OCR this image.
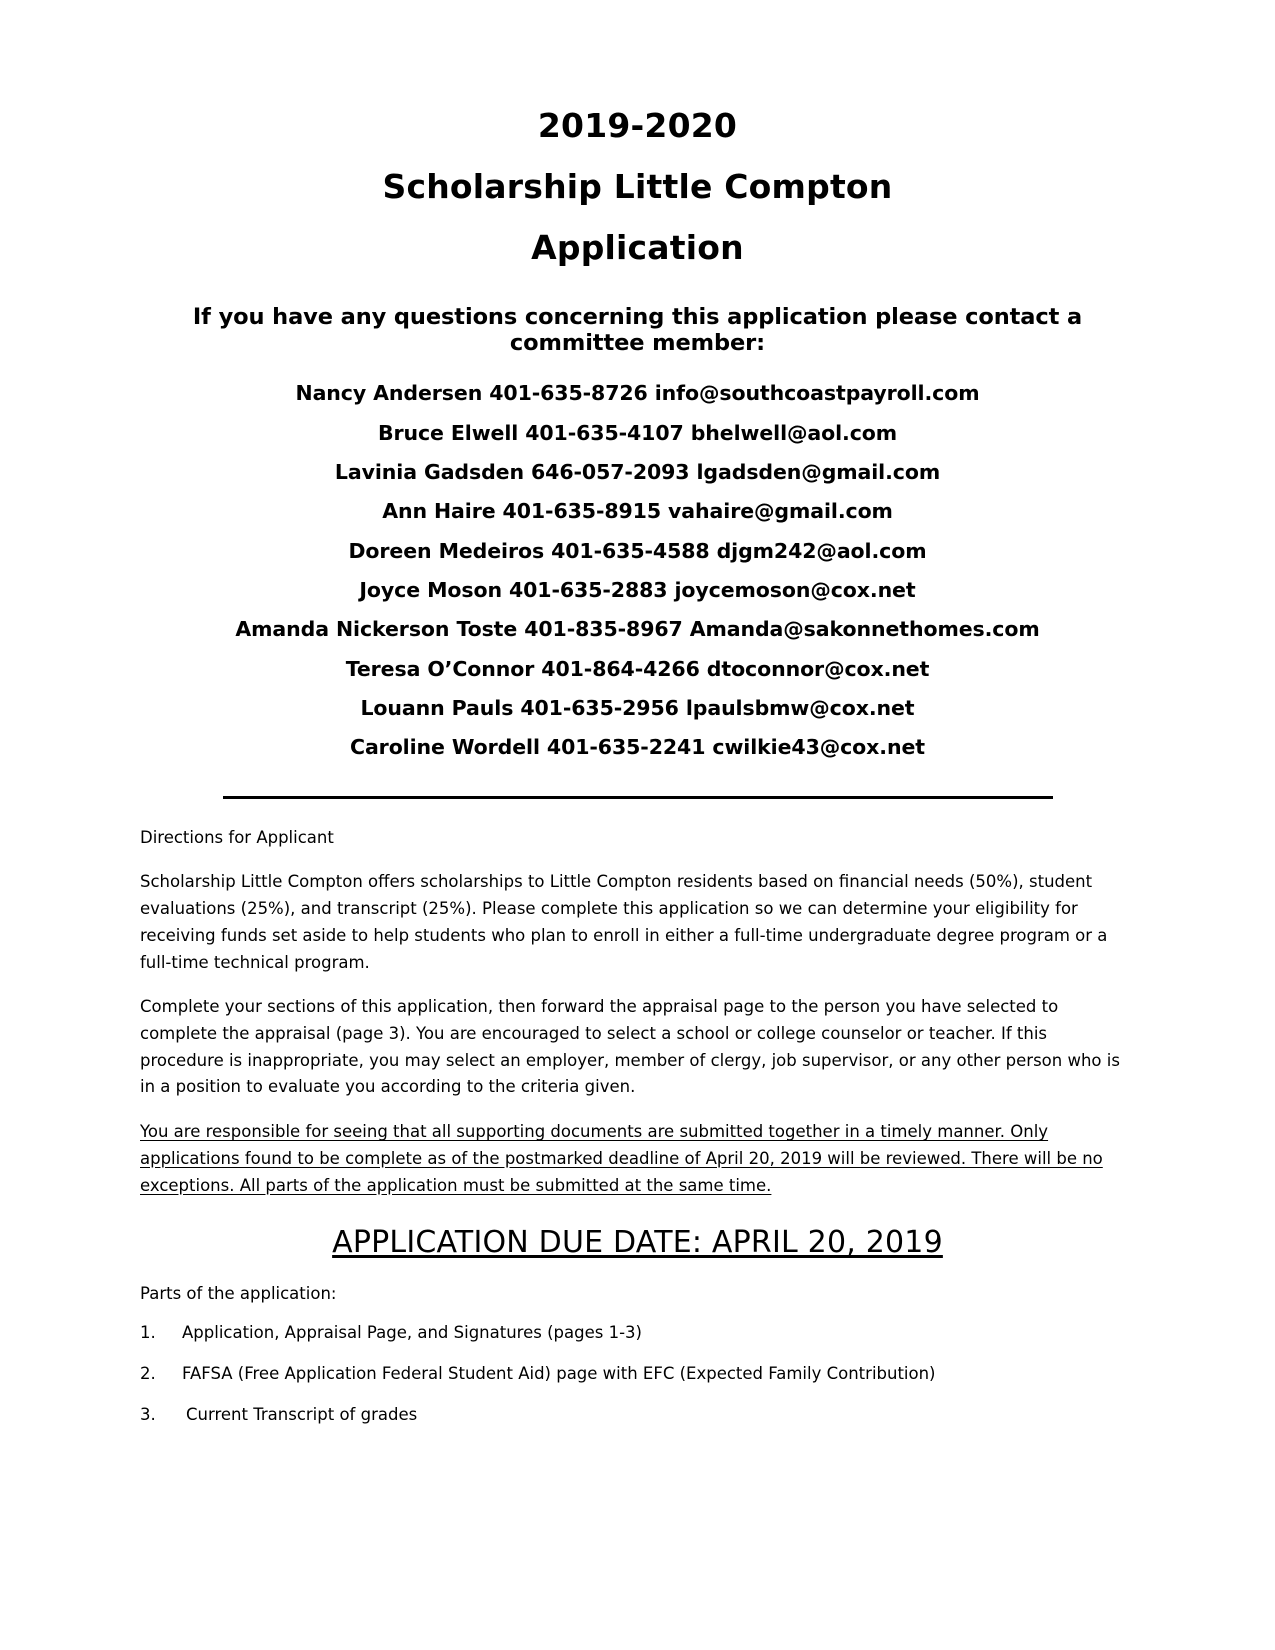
2019-2020
Scholarship Little Compton
Application
If you have any questions concerning this application please contact a committee member:
Nancy Andersen 401-635-8726 info@southcoastpayroll.com
Bruce Elwell 401-635-4107 bhelwell@aol.com
Lavinia Gadsden 646-057-2093 lgadsden@gmail.com
Ann Haire 401-635-8915 vahaire@gmail.com
Doreen Medeiros 401-635-4588 djgm242@aol.com
Joyce Moson 401-635-2883 joycemoson@cox.net
Amanda Nickerson Toste 401-835-8967 Amanda@sakonnethomes.com
Teresa O’Connor 401-864-4266 dtoconnor@cox.net
Louann Pauls 401-635-2956 lpaulsbmw@cox.net
Caroline Wordell 401-635-2241 cwilkie43@cox.net

Directions for Applicant

Scholarship Little Compton offers scholarships to Little Compton residents based on financial needs (50%), student evaluations (25%), and transcript (25%). Please complete this application so we can determine your eligibility for receiving funds set aside to help students who plan to enroll in either a full-time undergraduate degree program or a full-time technical program.

Complete your sections of this application, then forward the appraisal page to the person you have selected to complete the appraisal (page 3). You are encouraged to select a school or college counselor or teacher. If this procedure is inappropriate, you may select an employer, member of clergy, job supervisor, or any other person who is in a position to evaluate you according to the criteria given.

You are responsible for seeing that all supporting documents are submitted together in a timely manner. Only applications found to be complete as of the postmarked deadline of April 20, 2019 will be reviewed. There will be no exceptions. All parts of the application must be submitted at the same time.

APPLICATION DUE DATE: APRIL 20, 2019

Parts of the application:

1.	Application, Appraisal Page, and Signatures (pages 1-3)
2.	FAFSA (Free Application Federal Student Aid) page with EFC (Expected Family Contribution)
3.	Current Transcript of grades
